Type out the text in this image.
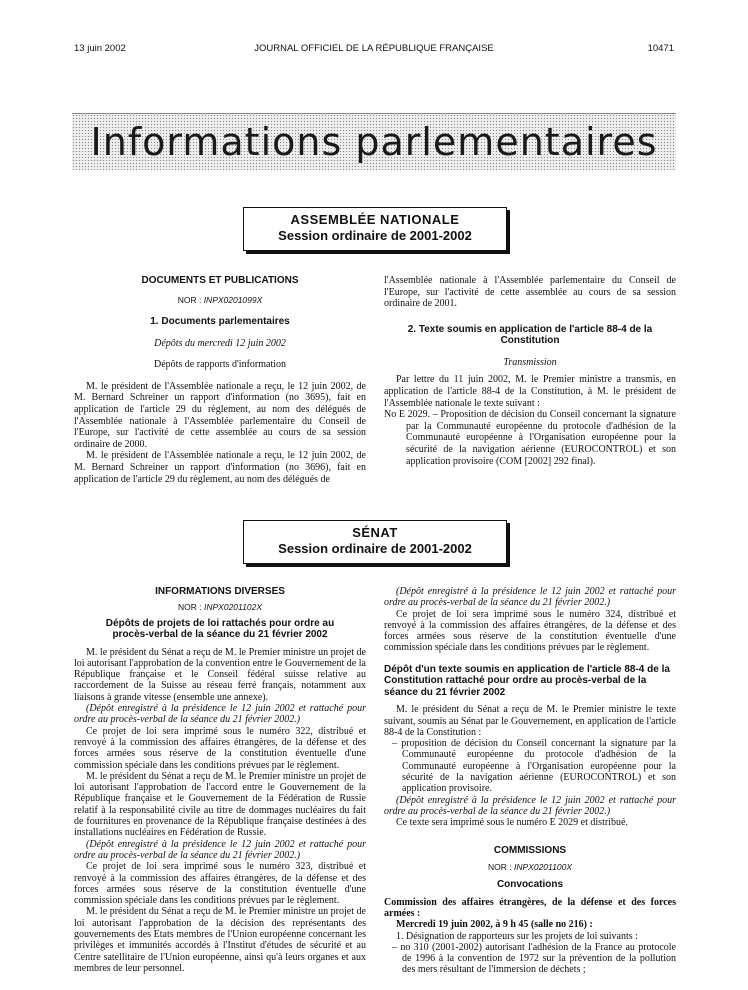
13 juin 2002	JOURNAL OFFICIEL DE LA RÉPUBLIQUE FRANÇAISE	10471
Informations parlementaires
ASSEMBLÉE NATIONALE
Session ordinaire de 2001-2002
DOCUMENTS ET PUBLICATIONS
NOR : INPX0201099X
1. Documents parlementaires

Dépôts du mercredi 12 juin 2002

Dépôts de rapports d'information

M. le président de l'Assemblée nationale a reçu, le 12 juin 2002, de M. Bernard Schreiner un rapport d'information (no 3695), fait en application de l'article 29 du règlement, au nom des délégués de l'Assemblée nationale à l'Assemblée parlementaire du Conseil de l'Europe, sur l'activité de cette assemblée au cours de sa session ordinaire de 2000.

M. le président de l'Assemblée nationale a reçu, le 12 juin 2002, de M. Bernard Schreiner un rapport d'information (no 3696), fait en application de l'article 29 du règlement, au nom des délégués de

l'Assemblée nationale à l'Assemblée parlementaire du Conseil de l'Europe, sur l'activité de cette assemblée au cours de sa session ordinaire de 2001.

2. Texte soumis en application de l'article 88-4 de la Constitution

Transmission

Par lettre du 11 juin 2002, M. le Premier ministre a transmis, en application de l'article 88-4 de la Constitution, à M. le président de l'Assemblée nationale le texte suivant :

No E 2029. – Proposition de décision du Conseil concernant la signature par la Communauté européenne du protocole d'adhésion de la Communauté européenne à l'Organisation européenne pour la sécurité de la navigation aérienne (EUROCONTROL) et son application provisoire (COM [2002] 292 final).

SÉNAT
Session ordinaire de 2001-2002
INFORMATIONS DIVERSES
NOR : INPX0201102X
Dépôts de projets de loi rattachés pour ordre au procès-verbal de la séance du 21 février 2002

M. le président du Sénat a reçu de M. le Premier ministre un projet de loi autorisant l'approbation de la convention entre le Gouvernement de la République française et le Conseil fédéral suisse relative au raccordement de la Suisse au réseau ferré français, notamment aux liaisons à grande vitesse (ensemble une annexe).

(Dépôt enregistré à la présidence le 12 juin 2002 et rattaché pour ordre au procès-verbal de la séance du 21 février 2002.)

Ce projet de loi sera imprimé sous le numéro 322, distribué et renvoyé à la commission des affaires étrangères, de la défense et des forces armées sous réserve de la constitution éventuelle d'une commission spéciale dans les conditions prévues par le règlement.

M. le président du Sénat a reçu de M. le Premier ministre un projet de loi autorisant l'approbation de l'accord entre le Gouvernement de la République française et le Gouvernement de la Fédération de Russie relatif à la responsabilité civile au titre de dommages nucléaires du fait de fournitures en provenance de la République française destinées à des installations nucléaires en Fédération de Russie.

(Dépôt enregistré à la présidence le 12 juin 2002 et rattaché pour ordre au procès-verbal de la séance du 21 février 2002.)

Ce projet de loi sera imprimé sous le numéro 323, distribué et renvoyé à la commission des affaires étrangères, de la défense et des forces armées sous réserve de la constitution éventuelle d'une commission spéciale dans les conditions prévues par le règlement.

M. le président du Sénat a reçu de M. le Premier ministre un projet de loi autorisant l'approbation de la décision des représentants des gouvernements des Etats membres de l'Union européenne concernant les privilèges et immunités accordés à l'Institut d'études de sécurité et au Centre satellitaire de l'Union européenne, ainsi qu'à leurs organes et aux membres de leur personnel.

(Dépôt enregistré à la présidence le 12 juin 2002 et rattaché pour ordre au procès-verbal de la séance du 21 février 2002.)

Ce projet de loi sera imprimé sous le numéro 324, distribué et renvoyé à la commission des affaires étrangères, de la défense et des forces armées sous réserve de la constitution éventuelle d'une commission spéciale dans les conditions prévues par le règlement.

Dépôt d'un texte soumis en application de l'article 88-4 de la Constitution rattaché pour ordre au procès-verbal de la séance du 21 février 2002

M. le président du Sénat a reçu de M. le Premier ministre le texte suivant, soumis au Sénat par le Gouvernement, en application de l'article 88-4 de la Constitution :

– proposition de décision du Conseil concernant la signature par la Communauté européenne du protocole d'adhésion de la Communauté européenne à l'Organisation européenne pour la sécurité de la navigation aérienne (EUROCONTROL) et son application provisoire.

(Dépôt enregistré à la présidence le 12 juin 2002 et rattaché pour ordre au procès-verbal de la séance du 21 février 2002.)

Ce texte sera imprimé sous le numéro E 2029 et distribué.

COMMISSIONS
NOR : INPX0201100X
Convocations

Commission des affaires étrangères, de la défense et des forces armées :

Mercredi 19 juin 2002, à 9 h 45 (salle no 216) :

1. Désignation de rapporteurs sur les projets de loi suivants :

– no 310 (2001-2002) autorisant l'adhésion de la France au protocole de 1996 à la convention de 1972 sur la prévention de la pollution des mers résultant de l'immersion de déchets ;
